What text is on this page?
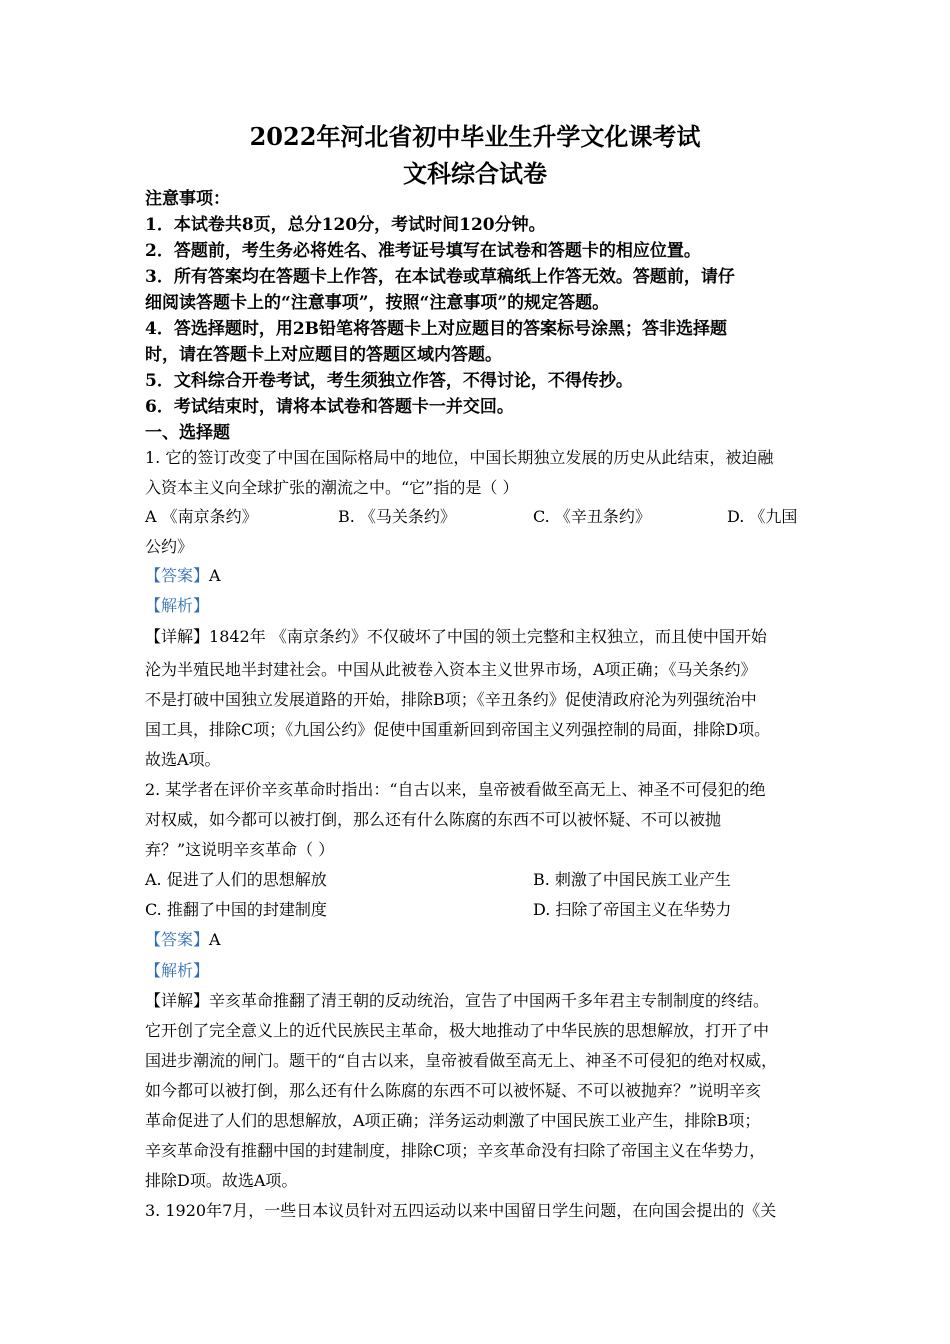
2022年河北省初中毕业生升学文化课考试
文科综合试卷
注意事项：
1．本试卷共8页，总分120分，考试时间120分钟。
2．答题前，考生务必将姓名、准考证号填写在试卷和答题卡的相应位置。
3．所有答案均在答题卡上作答，在本试卷或草稿纸上作答无效。答题前，请仔
细阅读答题卡上的“注意事项”，按照“注意事项”的规定答题。
4．答选择题时，用2B铅笔将答题卡上对应题目的答案标号涂黑；答非选择题
时，请在答题卡上对应题目的答题区域内答题。
5．文科综合开卷考试，考生须独立作答，不得讨论，不得传抄。
6．考试结束时，请将本试卷和答题卡一并交回。
一、选择题
1. 它的签订改变了中国在国际格局中的地位，中国长期独立发展的历史从此结束，被迫融
入资本主义向全球扩张的潮流之中。“它”指的是（ ）
A 《南京条约》	B. 《马关条约》	C. 《辛丑条约》	D. 《九国
公约》
【答案】A
【解析】
【详解】1842年 《南京条约》不仅破坏了中国的领土完整和主权独立，而且使中国开始
沦为半殖民地半封建社会。中国从此被卷入资本主义世界市场，A项正确；《马关条约》
不是打破中国独立发展道路的开始，排除B项；《辛丑条约》促使清政府沦为列强统治中
国工具，排除C项；《九国公约》促使中国重新回到帝国主义列强控制的局面，排除D项。
故选A项。
2. 某学者在评价辛亥革命时指出：“自古以来，皇帝被看做至高无上、神圣不可侵犯的绝
对权威，如今都可以被打倒，那么还有什么陈腐的东西不可以被怀疑、不可以被抛
弃？”这说明辛亥革命（ ）
A. 促进了人们的思想解放	B. 刺激了中国民族工业产生
C. 推翻了中国的封建制度	D. 扫除了帝国主义在华势力
【答案】A
【解析】
【详解】辛亥革命推翻了清王朝的反动统治，宣告了中国两千多年君主专制制度的终结。
它开创了完全意义上的近代民族民主革命，极大地推动了中华民族的思想解放，打开了中
国进步潮流的闸门。题干的“自古以来，皇帝被看做至高无上、神圣不可侵犯的绝对权威，
如今都可以被打倒，那么还有什么陈腐的东西不可以被怀疑、不可以被抛弃？”说明辛亥
革命促进了人们的思想解放，A项正确；洋务运动刺激了中国民族工业产生，排除B项；
辛亥革命没有推翻中国的封建制度，排除C项；辛亥革命没有扫除了帝国主义在华势力，
排除D项。故选A项。
3. 1920年7月，一些日本议员针对五四运动以来中国留日学生问题，在向国会提出的《关
